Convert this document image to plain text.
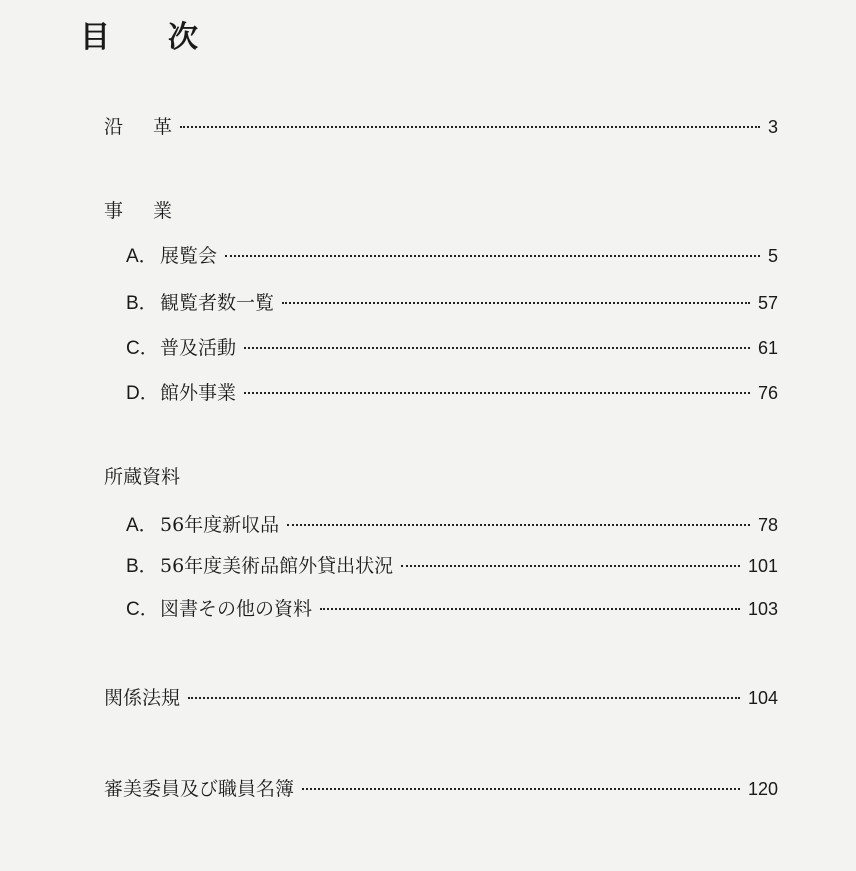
目 次
沿 革	3
事 業
A． 展覧会	5
B． 観覧者数一覧	57
C．普及活動	61
D．館外事業	76
所蔵資料
A． 56年度新収品	78
B． 56年度美術品館外貸出状況	101
C．図書その他の資料	103
関係法規	104
審美委員及び職員名簿	120
